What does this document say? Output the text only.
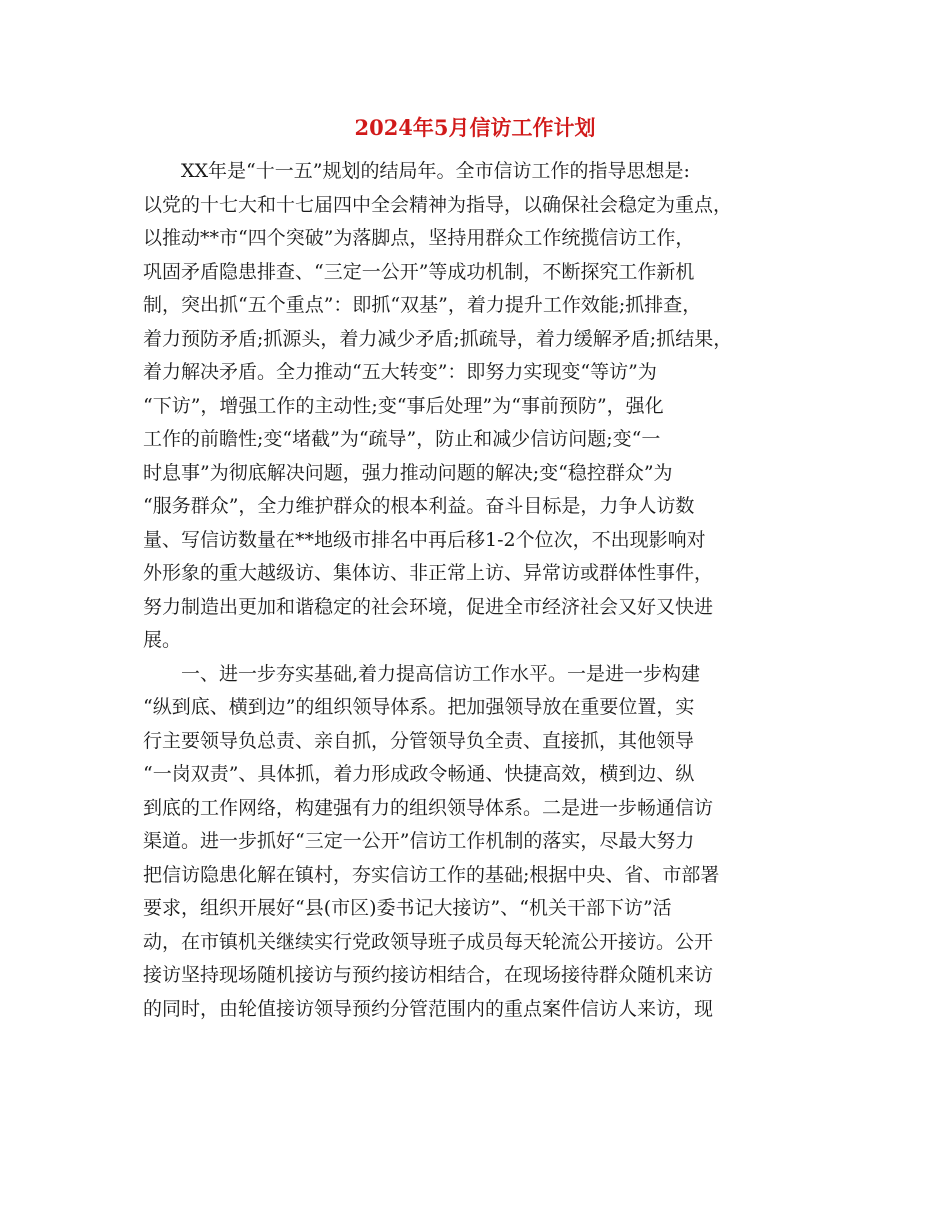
2024年5月信访工作计划
XX年是“十一五”规划的结局年。全市信访工作的指导思想是:
以党的十七大和十七届四中全会精神为指导，以确保社会稳定为重点，
以推动**市“四个突破”为落脚点，坚持用群众工作统揽信访工作，
巩固矛盾隐患排查、“三定一公开”等成功机制，不断探究工作新机
制，突出抓“五个重点”：即抓“双基”，着力提升工作效能;抓排查，
着力预防矛盾;抓源头，着力减少矛盾;抓疏导，着力缓解矛盾;抓结果，
着力解决矛盾。全力推动“五大转变”：即努力实现变“等访”为
“下访”，增强工作的主动性;变“事后处理”为“事前预防”，强化
工作的前瞻性;变“堵截”为“疏导”，防止和减少信访问题;变“一
时息事”为彻底解决问题，强力推动问题的解决;变“稳控群众”为
“服务群众”，全力维护群众的根本利益。奋斗目标是，力争人访数
量、写信访数量在**地级市排名中再后移1-2个位次，不出现影响对
外形象的重大越级访、集体访、非正常上访、异常访或群体性事件，
努力制造出更加和谐稳定的社会环境，促进全市经济社会又好又快进
展。
一、进一步夯实基础,着力提高信访工作水平。一是进一步构建
“纵到底、横到边”的组织领导体系。把加强领导放在重要位置，实
行主要领导负总责、亲自抓，分管领导负全责、直接抓，其他领导
“一岗双责”、具体抓，着力形成政令畅通、快捷高效，横到边、纵
到底的工作网络，构建强有力的组织领导体系。二是进一步畅通信访
渠道。进一步抓好“三定一公开”信访工作机制的落实，尽最大努力
把信访隐患化解在镇村，夯实信访工作的基础;根据中央、省、市部署
要求，组织开展好“县(市区)委书记大接访”、“机关干部下访”活
动，在市镇机关继续实行党政领导班子成员每天轮流公开接访。公开
接访坚持现场随机接访与预约接访相结合，在现场接待群众随机来访
的同时，由轮值接访领导预约分管范围内的重点案件信访人来访，现
